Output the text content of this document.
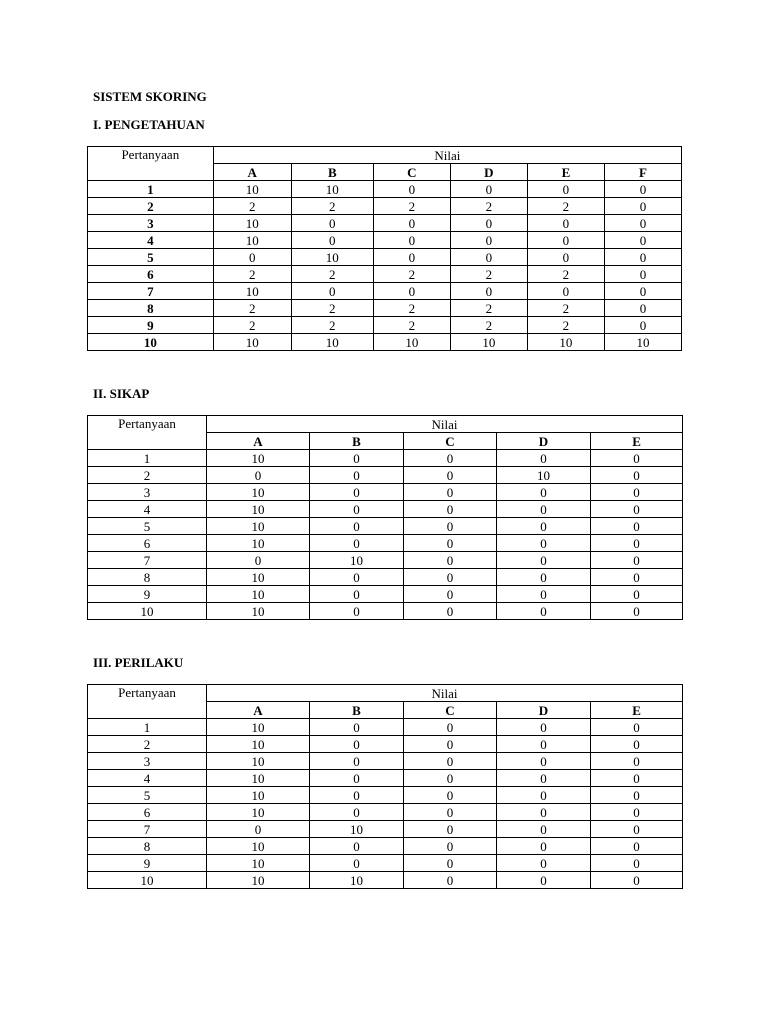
SISTEM SKORING
I. PENGETAHUAN
Pertanyaan	Nilai					
	A	B	C	D	E	F
1	10	10	0	0	0	0
2	2	2	2	2	2	0
3	10	0	0	0	0	0
4	10	0	0	0	0	0
5	0	10	0	0	0	0
6	2	2	2	2	2	0
7	10	0	0	0	0	0
8	2	2	2	2	2	0
9	2	2	2	2	2	0
10	10	10	10	10	10	10
II. SIKAP
Pertanyaan	Nilai				
	A	B	C	D	E
1	10	0	0	0	0
2	0	0	0	10	0
3	10	0	0	0	0
4	10	0	0	0	0
5	10	0	0	0	0
6	10	0	0	0	0
7	0	10	0	0	0
8	10	0	0	0	0
9	10	0	0	0	0
10	10	0	0	0	0
III. PERILAKU
Pertanyaan	Nilai				
	A	B	C	D	E
1	10	0	0	0	0
2	10	0	0	0	0
3	10	0	0	0	0
4	10	0	0	0	0
5	10	0	0	0	0
6	10	0	0	0	0
7	0	10	0	0	0
8	10	0	0	0	0
9	10	0	0	0	0
10	10	10	0	0	0
